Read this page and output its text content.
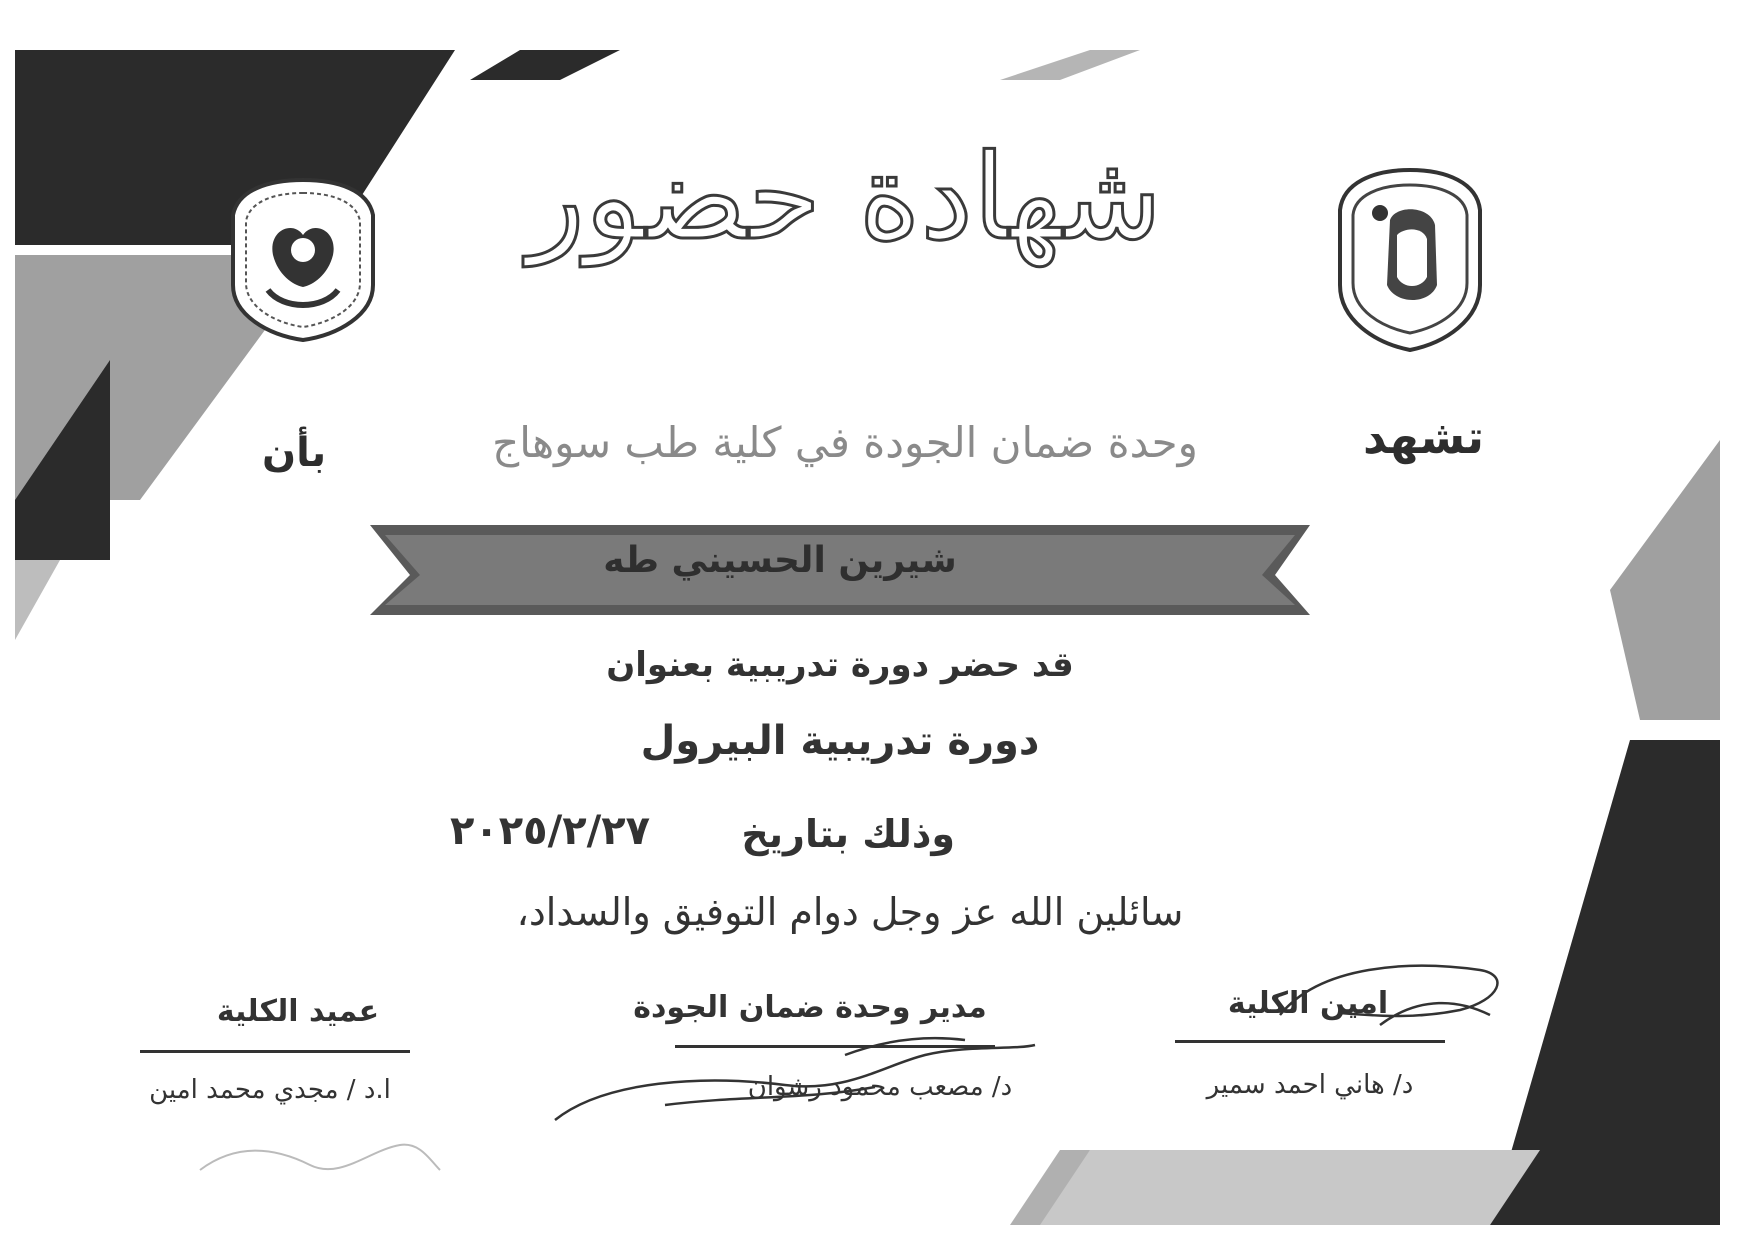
شهادة حضور
تشهد
وحدة ضمان الجودة في كلية طب سوهاج
بأن
شيرين الحسيني طه
قد حضر دورة تدريبية بعنوان
دورة تدريبية البيرول
وذلك بتاريخ
٢٠٢٥/٢/٢٧
سائلين الله عز وجل دوام التوفيق والسداد،
امين الكلية
د/ هاني احمد سمير
مدير وحدة ضمان الجودة
د/ مصعب محمود رشوان
عميد الكلية
ا.د / مجدي محمد امين
